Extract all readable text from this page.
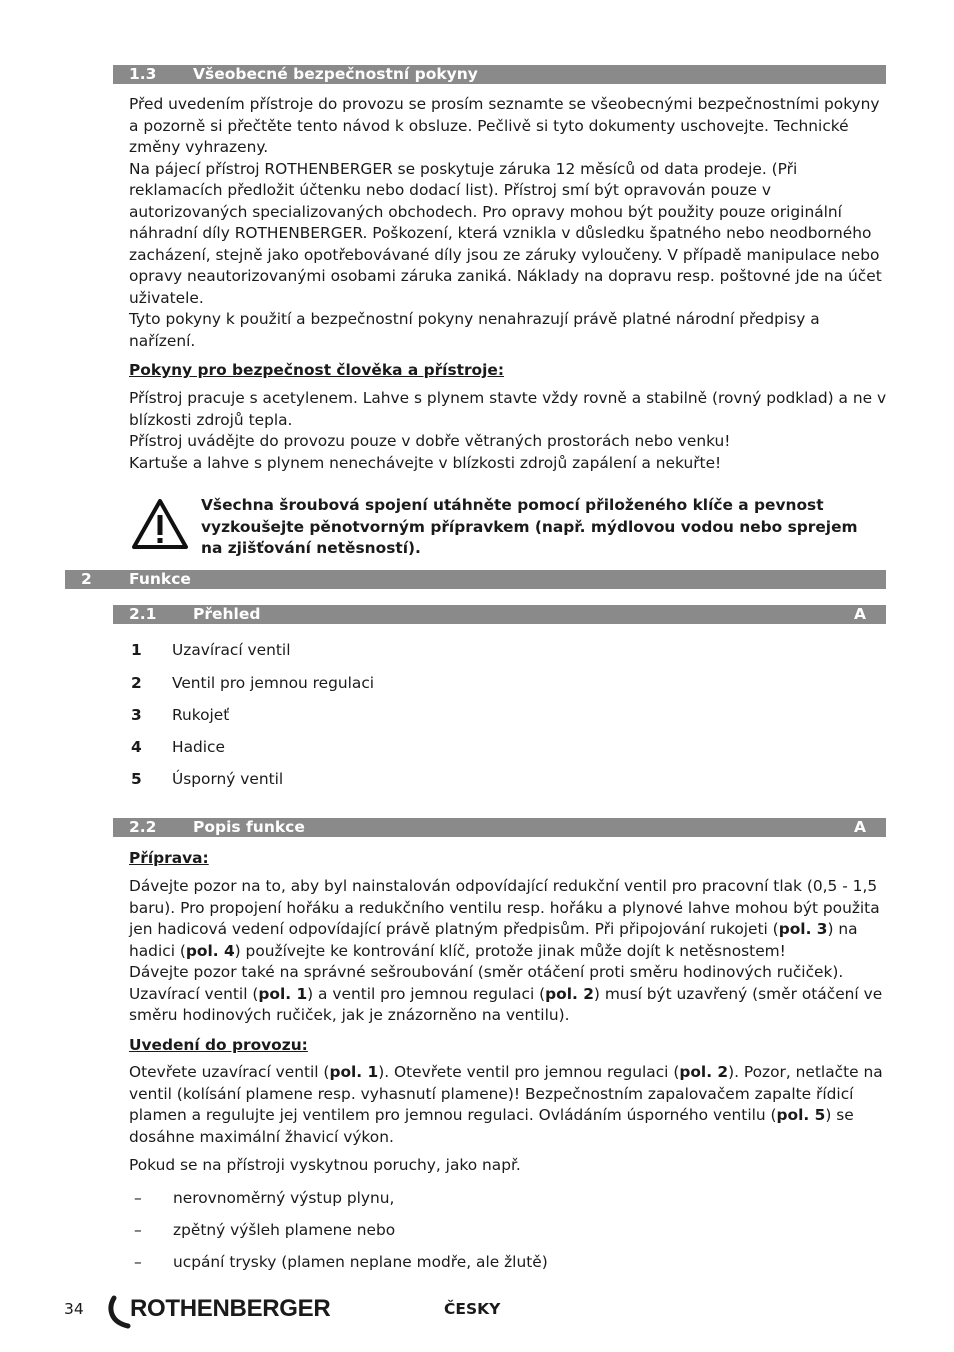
1.3 Všeobecné bezpečnostní pokyny

Před uvedením přístroje do provozu se prosím seznamte se všeobecnými bezpečnostními pokyny a pozorně si přečtěte tento návod k obsluze. Pečlivě si tyto dokumenty uschovejte. Technické změny vyhrazeny.

Na pájecí přístroj ROTHENBERGER se poskytuje záruka 12 měsíců od data prodeje. (Při reklamacích předložit účtenku nebo dodací list). Přístroj smí být opravován pouze v autorizovaných specializovaných obchodech. Pro opravy mohou být použity pouze originální náhradní díly ROTHENBERGER. Poškození, která vznikla v důsledku špatného nebo neodborného zacházení, stejně jako opotřebovávané díly jsou ze záruky vyloučeny. V případě manipulace nebo opravy neautorizovanými osobami záruka zaniká. Náklady na dopravu resp. poštovné jde na účet uživatele.

Tyto pokyny k použití a bezpečnostní pokyny nenahrazují právě platné národní předpisy a nařízení.

Pokyny pro bezpečnost člověka a přístroje:

Přístroj pracuje s acetylenem. Lahve s plynem stavte vždy rovně a stabilně (rovný podklad) a ne v blízkosti zdrojů tepla.

Přístroj uvádějte do provozu pouze v dobře větraných prostorách nebo venku!

Kartuše a lahve s plynem nenechávejte v blízkosti zdrojů zapálení a nekuřte!

Všechna šroubová spojení utáhněte pomocí přiloženého klíče a pevnost vyzkoušejte pěnotvorným přípravkem (např. mýdlovou vodou nebo sprejem na zjišťování netěsností).

2 Funkce
2.1 Přehled	A
1 Uzavírací ventil
2 Ventil pro jemnou regulaci
3 Rukojeť
4 Hadice
5 Úsporný ventil
2.2 Popis funkce	A
Příprava:

Dávejte pozor na to, aby byl nainstalován odpovídající redukční ventil pro pracovní tlak (0,5 - 1,5 baru). Pro propojení hořáku a redukčního ventilu resp. hořáku a plynové lahve mohou být použita jen hadicová vedení odpovídající právě platným předpisům. Při připojování rukojeti (pol. 3) na hadici (pol. 4) používejte ke kontrování klíč, protože jinak může dojít k netěsnostem!

Dávejte pozor také na správné sešroubování (směr otáčení proti směru hodinových ručiček).

Uzavírací ventil (pol. 1) a ventil pro jemnou regulaci (pol. 2) musí být uzavřený (směr otáčení ve směru hodinových ručiček, jak je znázorněno na ventilu).

Uvedení do provozu:

Otevřete uzavírací ventil (pol. 1). Otevřete ventil pro jemnou regulaci (pol. 2). Pozor, netlačte na ventil (kolísání plamene resp. vyhasnutí plamene)! Bezpečnostním zapalovačem zapalte řídicí plamen a regulujte jej ventilem pro jemnou regulaci. Ovládáním úsporného ventilu (pol. 5) se dosáhne maximální žhavicí výkon.

Pokud se na přístroji vyskytnou poruchy, jako např.
– nerovnoměrný výstup plynu,
– zpětný výšleh plamene nebo
– ucpání trysky (plamen neplane modře, ale žlutě)
34 ROTHENBERGER	ČESKY
